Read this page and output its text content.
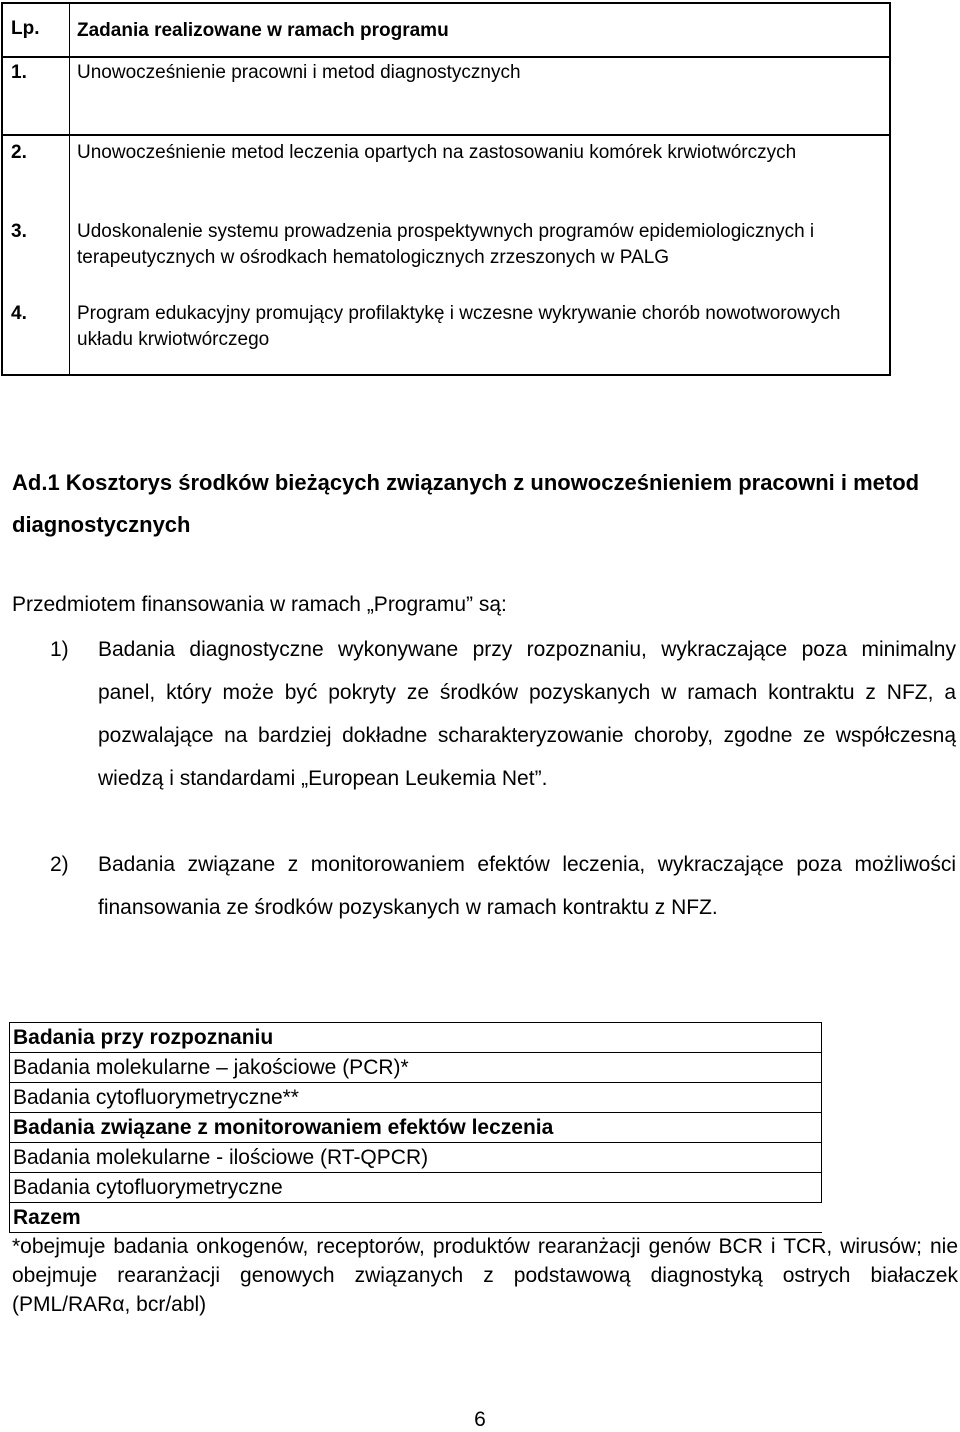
Lp. Zadania realizowane w ramach programu
1.	Unowocześnienie pracowni i metod diagnostycznych
2.	Unowocześnienie metod leczenia opartych na zastosowaniu komórek krwiotwórczych
3.	Udoskonalenie systemu prowadzenia prospektywnych programów epidemiologicznych i terapeutycznych w ośrodkach hematologicznych zrzeszonych w PALG
4.	Program edukacyjny promujący profilaktykę i wczesne wykrywanie chorób nowotworowych układu krwiotwórczego
Ad.1 Kosztorys środków bieżących związanych z unowocześnieniem pracowni i metod diagnostycznych
Przedmiotem finansowania w ramach „Programu” są:
1) Badania diagnostyczne wykonywane przy rozpoznaniu, wykraczające poza minimalny panel, który może być pokryty ze środków pozyskanych w ramach kontraktu z NFZ, a pozwalające na bardziej dokładne scharakteryzowanie choroby, zgodne ze współczesną wiedzą i standardami „European Leukemia Net”.
2) Badania związane z monitorowaniem efektów leczenia, wykraczające poza możliwości finansowania ze środków pozyskanych w ramach kontraktu z NFZ.
Badania przy rozpoznaniu
Badania molekularne – jakościowe (PCR)*
Badania cytofluorymetryczne**
Badania związane z monitorowaniem efektów leczenia
Badania molekularne - ilościowe (RT-QPCR)
Badania cytofluorymetryczne
Razem
*obejmuje badania onkogenów, receptorów, produktów rearanżacji genów BCR i TCR, wirusów; nie obejmuje rearanżacji genowych związanych z podstawową diagnostyką ostrych białaczek (PML/RARα, bcr/abl)
6
